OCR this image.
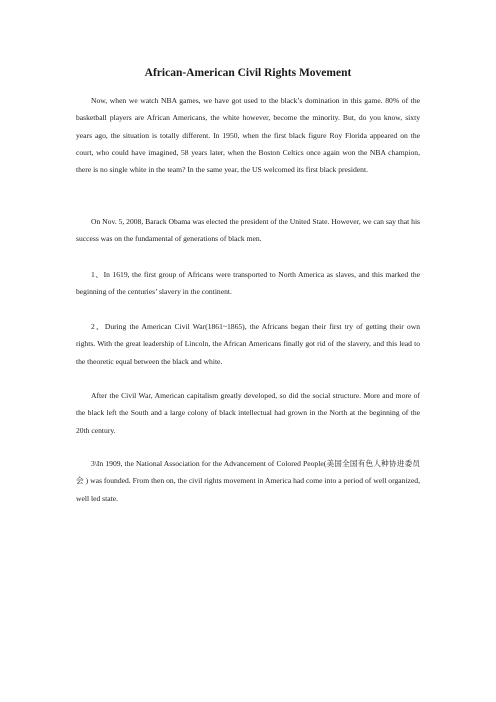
African-American Civil Rights Movement

Now, when we watch NBA games, we have got used to the black’s domination in this game. 80% of the basketball players are African Americans, the white however, become the minority. But, do you know, sixty years ago, the situation is totally different. In 1950, when the first black figure Roy Florida appeared on the court, who could have imagined, 58 years later, when the Boston Celtics once again won the NBA champion, there is no single white in the team? In the same year, the US welcomed its first black president.

On Nov. 5, 2008, Barack Obama was elected the president of the United State. However, we can say that his success was on the fundamental of generations of black men.

1、In 1619, the first group of Africans were transported to North America as slaves, and this marked the beginning of the centuries’ slavery in the continent.

2、During the American Civil War(1861~1865), the Africans began their first try of getting their own rights. With the great leadership of Lincoln, the African Americans finally got rid of the slavery, and this lead to the theoretic equal between the black and white.

After the Civil War, American capitalism greatly developed, so did the social structure. More and more of the black left the South and a large colony of black intellectual had grown in the North at the beginning of the 20th century.

3\In 1909, the National Association for the Advancement of Colored People(美国全国有色人种协进委员会 ) was founded. From then on, the civil rights movement in America had come into a period of well organized, well led state.
